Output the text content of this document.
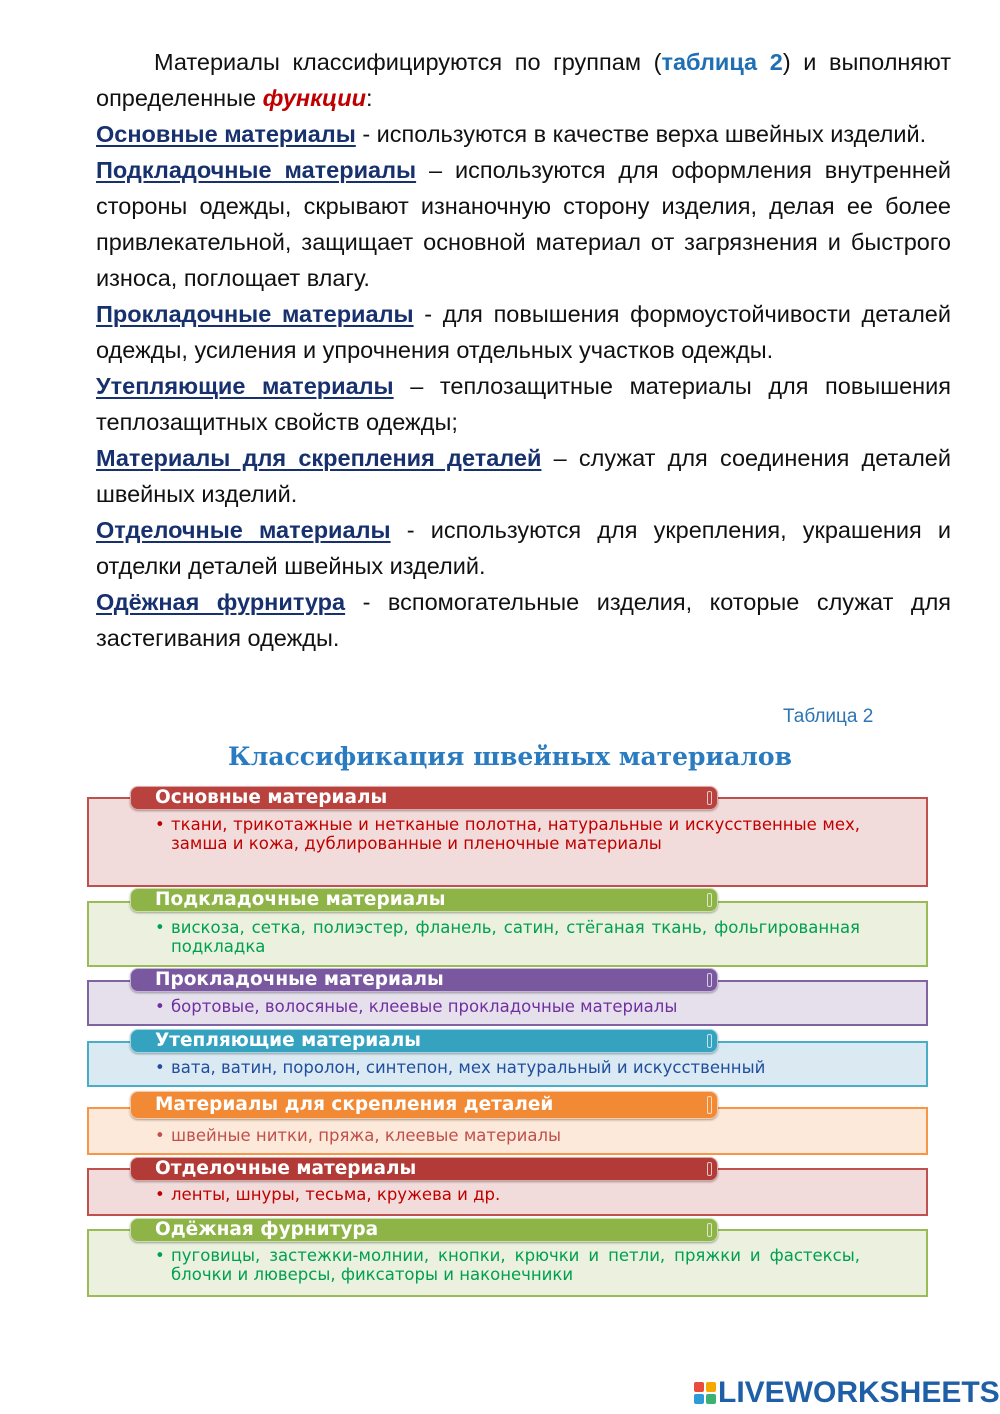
Материалы классифицируются по группам (таблица 2) и выполняют определенные функции:

Основные материалы - используются в качестве верха швейных изделий.

Подкладочные материалы – используются для оформления внутренней стороны одежды, скрывают изнаночную сторону изделия, делая ее более привлекательной, защищает основной материал от загрязнения и быстрого износа, поглощает влагу.

Прокладочные материалы - для повышения формоустойчивости деталей одежды, усиления и упрочнения отдельных участков одежды.

Утепляющие материалы – теплозащитные материалы для повышения теплозащитных свойств одежды;

Материалы для скрепления деталей – служат для соединения деталей швейных изделий.

Отделочные материалы - используются для укрепления, украшения и отделки деталей швейных изделий.

Одёжная фурнитура - вспомогательные изделия, которые служат для застегивания одежды.

Таблица 2
Классификация швейных материалов
Основные материалы
• ткани, трикотажные и нетканые полотна, натуральные и искусственные мех, замша и кожа, дублированные и пленочные материалы
Подкладочные материалы
• вискоза, сетка, полиэстер, фланель, сатин, стёганая ткань, фольгированная подкладка
Прокладочные материалы
• бортовые, волосяные, клеевые прокладочные материалы
Утепляющие материалы
• вата, ватин, поролон, синтепон, мех натуральный и искусственный
Материалы для скрепления деталей
• швейные нитки, пряжа, клеевые материалы
Отделочные материалы
• ленты, шнуры, тесьма, кружева и др.
Одёжная фурнитура
• пуговицы, застежки-молнии, кнопки, крючки и петли, пряжки и фастексы, блочки и люверсы, фиксаторы и наконечники
LIVEWORKSHEETS
